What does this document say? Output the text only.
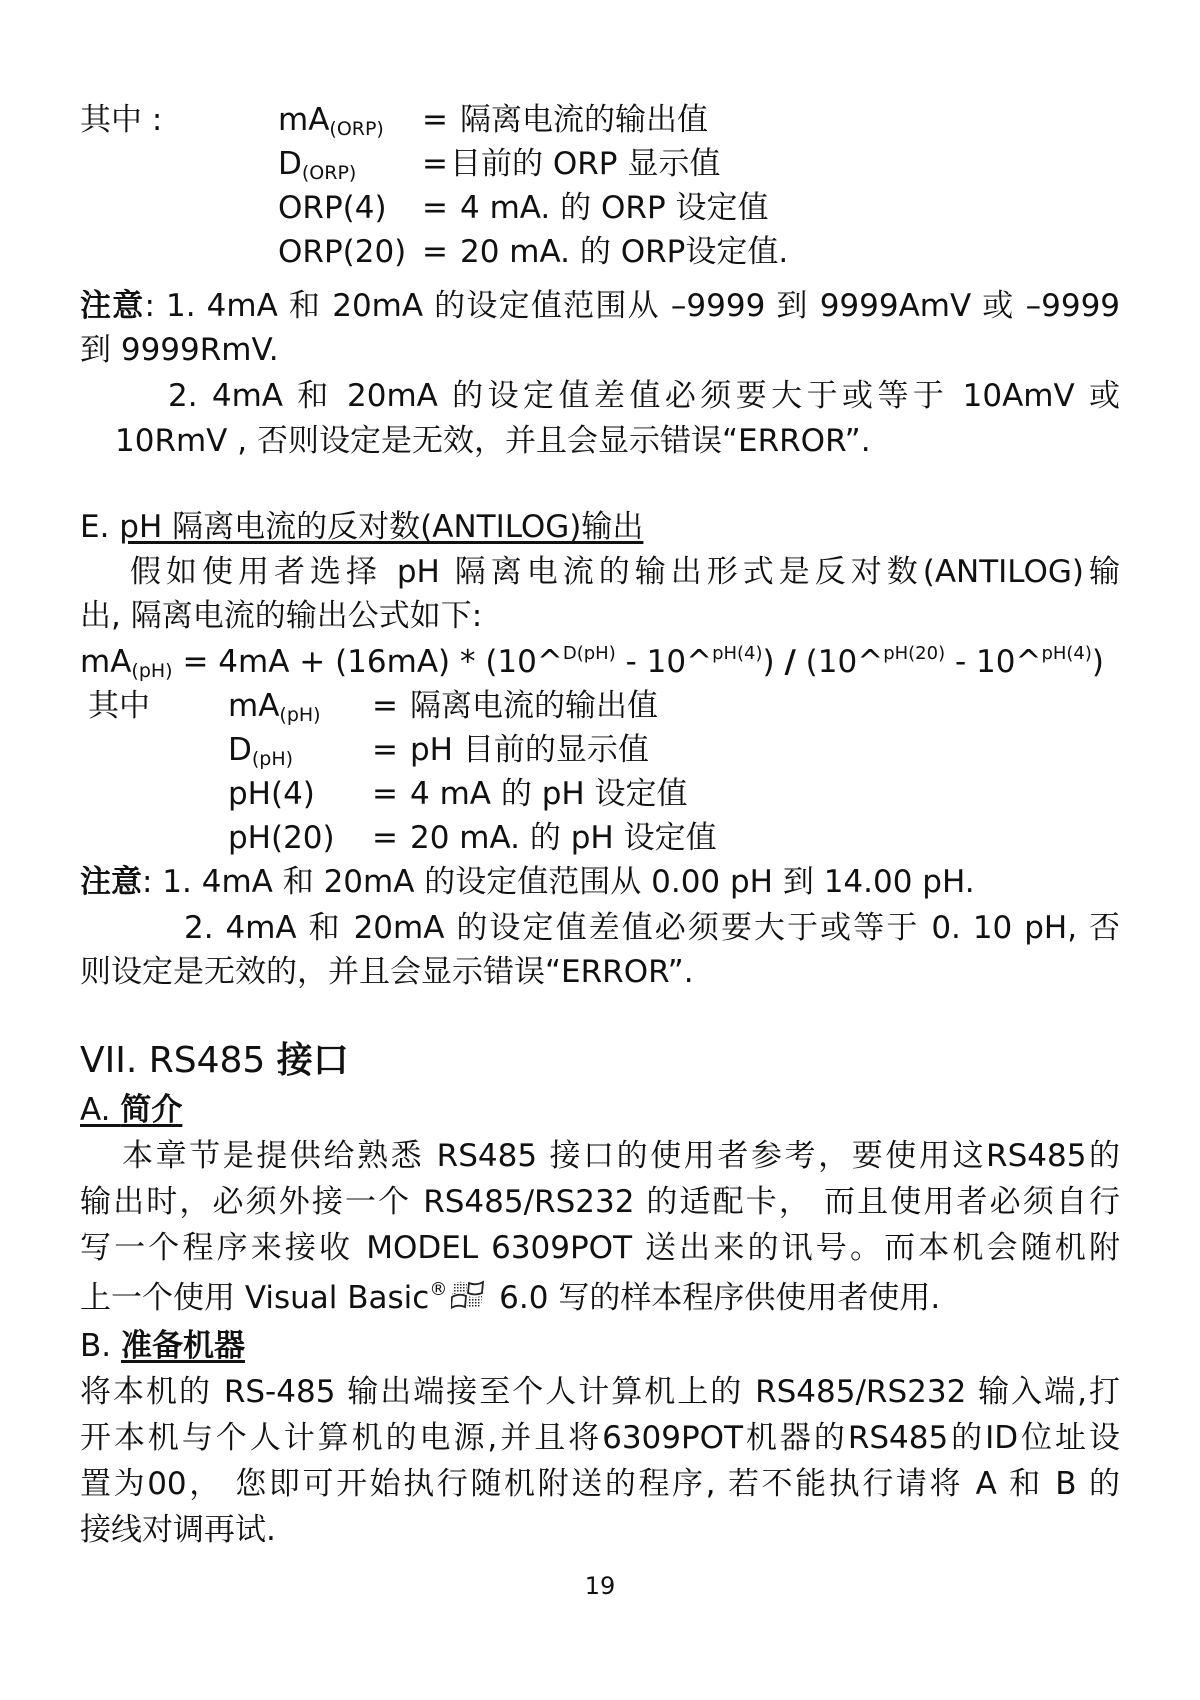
其中 :	$mA_{(ORP)}$ = 隔离电流的输出值
$D_{(ORP)}$ =目前的 ORP 显示值
ORP(4) = 4 mA. 的 ORP 设定值
ORP(20) = 20 mA. 的 ORP设定值.
注意: 1. 4mA 和 20mA 的设定值范围从 –9999 到 9999AmV 或 –9999
到 9999RmV.
2. 4mA 和 20mA 的设定值差值必须要大于或等于 10AmV 或
10RmV , 否则设定是无效，并且会显示错误“ERROR”.
E. pH 隔离电流的反对数(ANTILOG)输出
假如使用者选择 pH 隔离电流的输出形式是反对数(ANTILOG)输
出, 隔离电流的输出公式如下:
$mA_{(pH)} = 4mA + (16mA)$ * (10^$^{D(pH)}$ - 10^$^{pH(4)}$) / (10^$^{pH(20)}$ - 10^$^{pH(4)}$)
其中	$mA_{(pH)}$ = 隔离电流的输出值
$D_{(pH)}$	= pH 目前的显示值
pH(4) = 4 mA 的 pH 设定值
pH(20) = 20 mA. 的 pH 设定值
注意: 1. 4mA 和 20mA 的设定值范围从 0.00 pH 到 14.00 pH.
2. 4mA 和 20mA 的设定值差值必须要大于或等于 0. 10 pH, 否
则设定是无效的，并且会显示错误“ERROR”.
VII. RS485 接口
A. 简介
本章节是提供给熟悉 RS485 接口的使用者参考，要使用这RS485的
输出时，必须外接一个 RS485/RS232 的适配卡， 而且使用者必须自行
写一个程序来接收 MODEL 6309POT 送出来的讯号。而本机会随机附
上一个使用 Visual Basic® 6.0 写的样本程序供使用者使用.
B. 准备机器
将本机的 RS-485 输出端接至个人计算机上的 RS485/RS232 输入端,打
开本机与个人计算机的电源,并且将6309POT机器的RS485的ID位址设
置为00， 您即可开始执行随机附送的程序, 若不能执行请将 A 和 B 的
接线对调再试.
19
